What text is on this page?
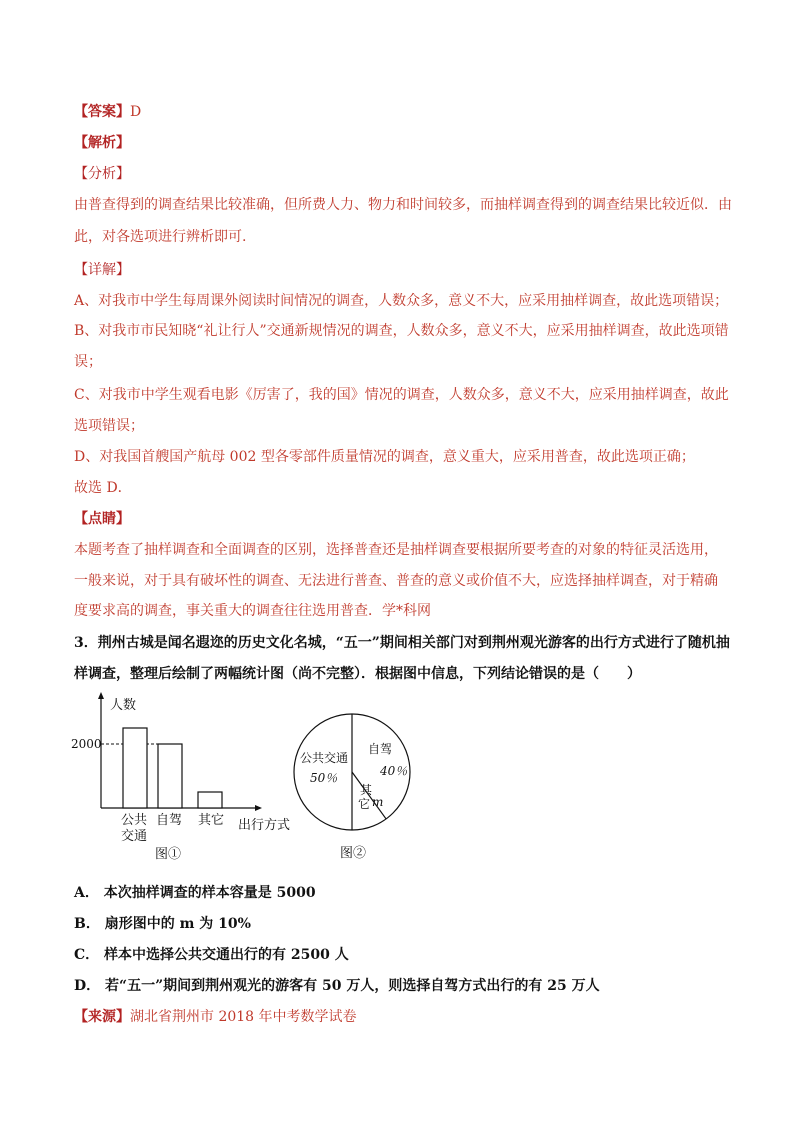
【答案】D
【解析】
【分析】
由普查得到的调查结果比较准确，但所费人力、物力和时间较多，而抽样调查得到的调查结果比较近似．由
此，对各选项进行辨析即可.
【详解】
A、对我市中学生每周课外阅读时间情况的调查，人数众多，意义不大，应采用抽样调查，故此选项错误；
B、对我市市民知晓“礼让行人”交通新规情况的调查，人数众多，意义不大，应采用抽样调查，故此选项错
误；
C、对我市中学生观看电影《厉害了，我的国》情况的调查，人数众多，意义不大，应采用抽样调查，故此
选项错误；
D、对我国首艘国产航母 002 型各零部件质量情况的调查，意义重大，应采用普查，故此选项正确；
故选 D．
【点睛】
本题考查了抽样调查和全面调查的区别，选择普查还是抽样调查要根据所要考查的对象的特征灵活选用，
一般来说，对于具有破坏性的调查、无法进行普查、普查的意义或价值不大，应选择抽样调查，对于精确
度要求高的调查，事关重大的调查往往选用普查．学*科网
3．荆州古城是闻名遐迩的历史文化名城，“五一”期间相关部门对到荆州观光游客的出行方式进行了随机抽
样调查，整理后绘制了两幅统计图（尚不完整）．根据图中信息，下列结论错误的是（　　）
人数
出行方式
2000
公共
交通
自驾 其它
图①
公共交通
50％
自驾
40％
其
它 m
图②
A． 本次抽样调查的样本容量是 5000
B． 扇形图中的 m 为 10%
C． 样本中选择公共交通出行的有 2500 人
D． 若“五一”期间到荆州观光的游客有 50 万人，则选择自驾方式出行的有 25 万人
【来源】湖北省荆州市 2018 年中考数学试卷
